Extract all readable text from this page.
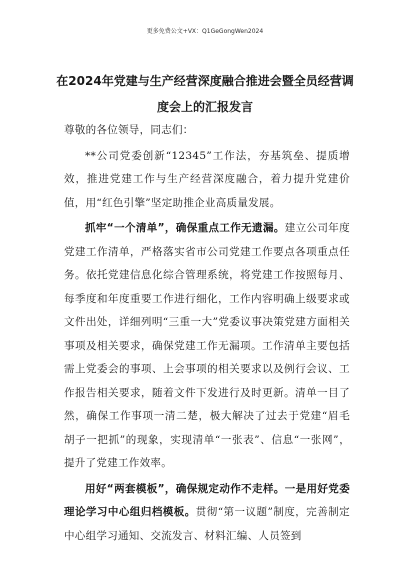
更多免费公文+VX：Q1GeGongWen2024
在2024年党建与生产经营深度融合推进会暨全员经营调度会上的汇报发言

尊敬的各位领导，同志们：

**公司党委创新“12345”工作法，夯基筑垒、提质增效，推进党建工作与生产经营深度融合，着力提升党建价值，用“红色引擎”坚定助推企业高质量发展。

抓牢“一个清单”，确保重点工作无遗漏。建立公司年度党建工作清单，严格落实省市公司党建工作要点各项重点任务。依托党建信息化综合管理系统，将党建工作按照每月、每季度和年度重要工作进行细化，工作内容明确上级要求或文件出处，详细列明“三重一大”党委议事决策党建方面相关事项及相关要求，确保党建工作无漏项。工作清单主要包括需上党委会的事项、上会事项的相关要求以及例行会议、工作报告相关要求，随着文件下发进行及时更新。清单一目了然，确保工作事项一清二楚，极大解决了过去于党建“眉毛胡子一把抓”的现象，实现清单“一张表”、信息“一张网”，提升了党建工作效率。

用好“两套模板”，确保规定动作不走样。一是用好党委理论学习中心组归档模板。贯彻“第一议题”制度，完善制定中心组学习通知、交流发言、材料汇编、人员签到
